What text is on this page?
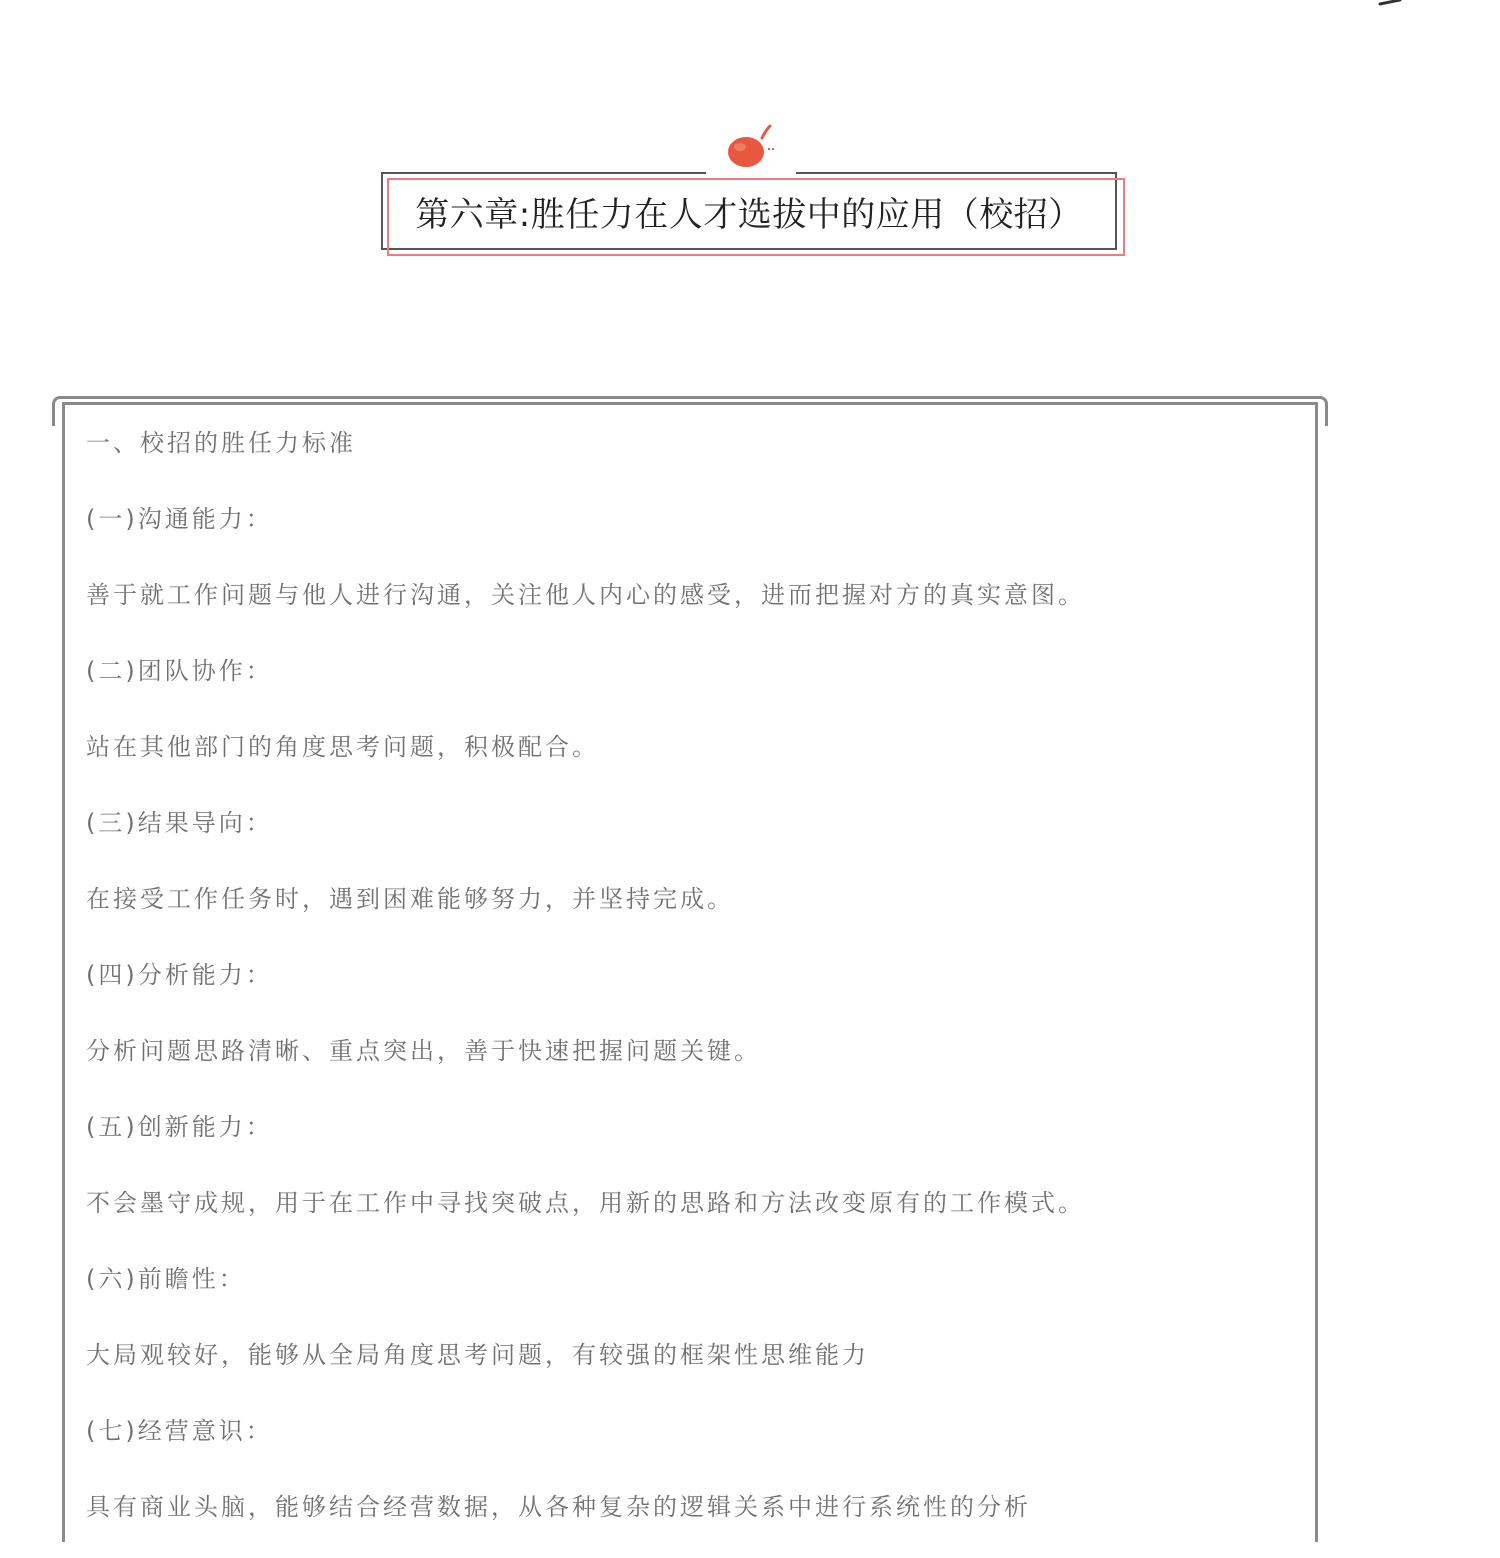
第六章:胜任力在人才选拔中的应用（校招）

一、校招的胜任力标准

(一)沟通能力：

善于就工作问题与他人进行沟通，关注他人内心的感受，进而把握对方的真实意图。

(二)团队协作：

站在其他部门的角度思考问题，积极配合。

(三)结果导向：

在接受工作任务时，遇到困难能够努力，并坚持完成。

(四)分析能力：

分析问题思路清晰、重点突出，善于快速把握问题关键。

(五)创新能力：

不会墨守成规，用于在工作中寻找突破点，用新的思路和方法改变原有的工作模式。

(六)前瞻性：

大局观较好，能够从全局角度思考问题，有较强的框架性思维能力

(七)经营意识：

具有商业头脑，能够结合经营数据，从各种复杂的逻辑关系中进行系统性的分析
